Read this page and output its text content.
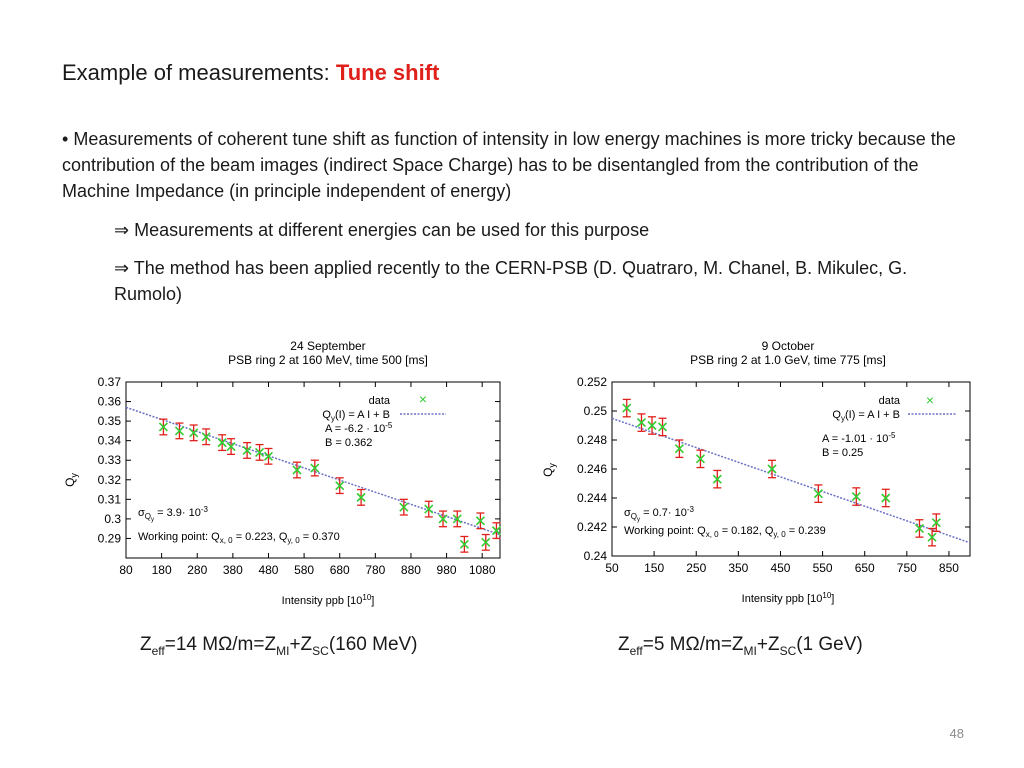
Example of measurements: Tune shift
• Measurements of coherent tune shift as function of intensity in low energy machines is more tricky because the contribution of the beam images (indirect Space Charge) has to be disentangled from the contribution of the Machine Impedance (in principle independent of energy)
⇒ Measurements at different energies can be used for this purpose
⇒ The method has been applied recently to the CERN-PSB (D. Quatraro, M. Chanel, B. Mikulec, G. Rumolo)
24 September
PSB ring 2 at 160 MeV, time 500 [ms]
$Q_y$
Intensity ppb $[10^{10}]$
0.29
0.3
0.31
0.32
0.33
0.34
0.35
0.36
0.37
80 180 280 380 480 580 680 780 880 980 1080
data ×
$Q_y(I) = A$ I + B
$A = -6.2 \cdot 10^{-5}$
B = 0.362
$\sigma_Qy = 3.9\cdot 10^{-3}$
Working point: $Q_{x, 0} = 0.223$, $Q_{y, 0} = 0.370$
9 October
PSB ring 2 at 1.0 GeV, time 775 [ms]
$Q_y$
Intensity ppb $[10^{10}]$
0.24
0.242
0.244
0.246
0.248
0.25
0.252
50 150 250 350 450 550 650 750 850
data ×
$Q_y(I) = A$ I + B
$A = -1.01 \cdot 10^{-5}$
B = 0.25
$\sigma_Qy = 0.7\cdot 10^{-3}$
Working point: $Q_{x, 0} = 0.182$, $Q_{y, 0} = 0.239$
$Z_{eff}=14$ $M\Omega/m=Z_{MI}+Z_{SC}(160$ MeV)	$Z_{eff}=5$ $M\Omega/m=Z_{MI}+Z_{SC}(1$ GeV)
48
